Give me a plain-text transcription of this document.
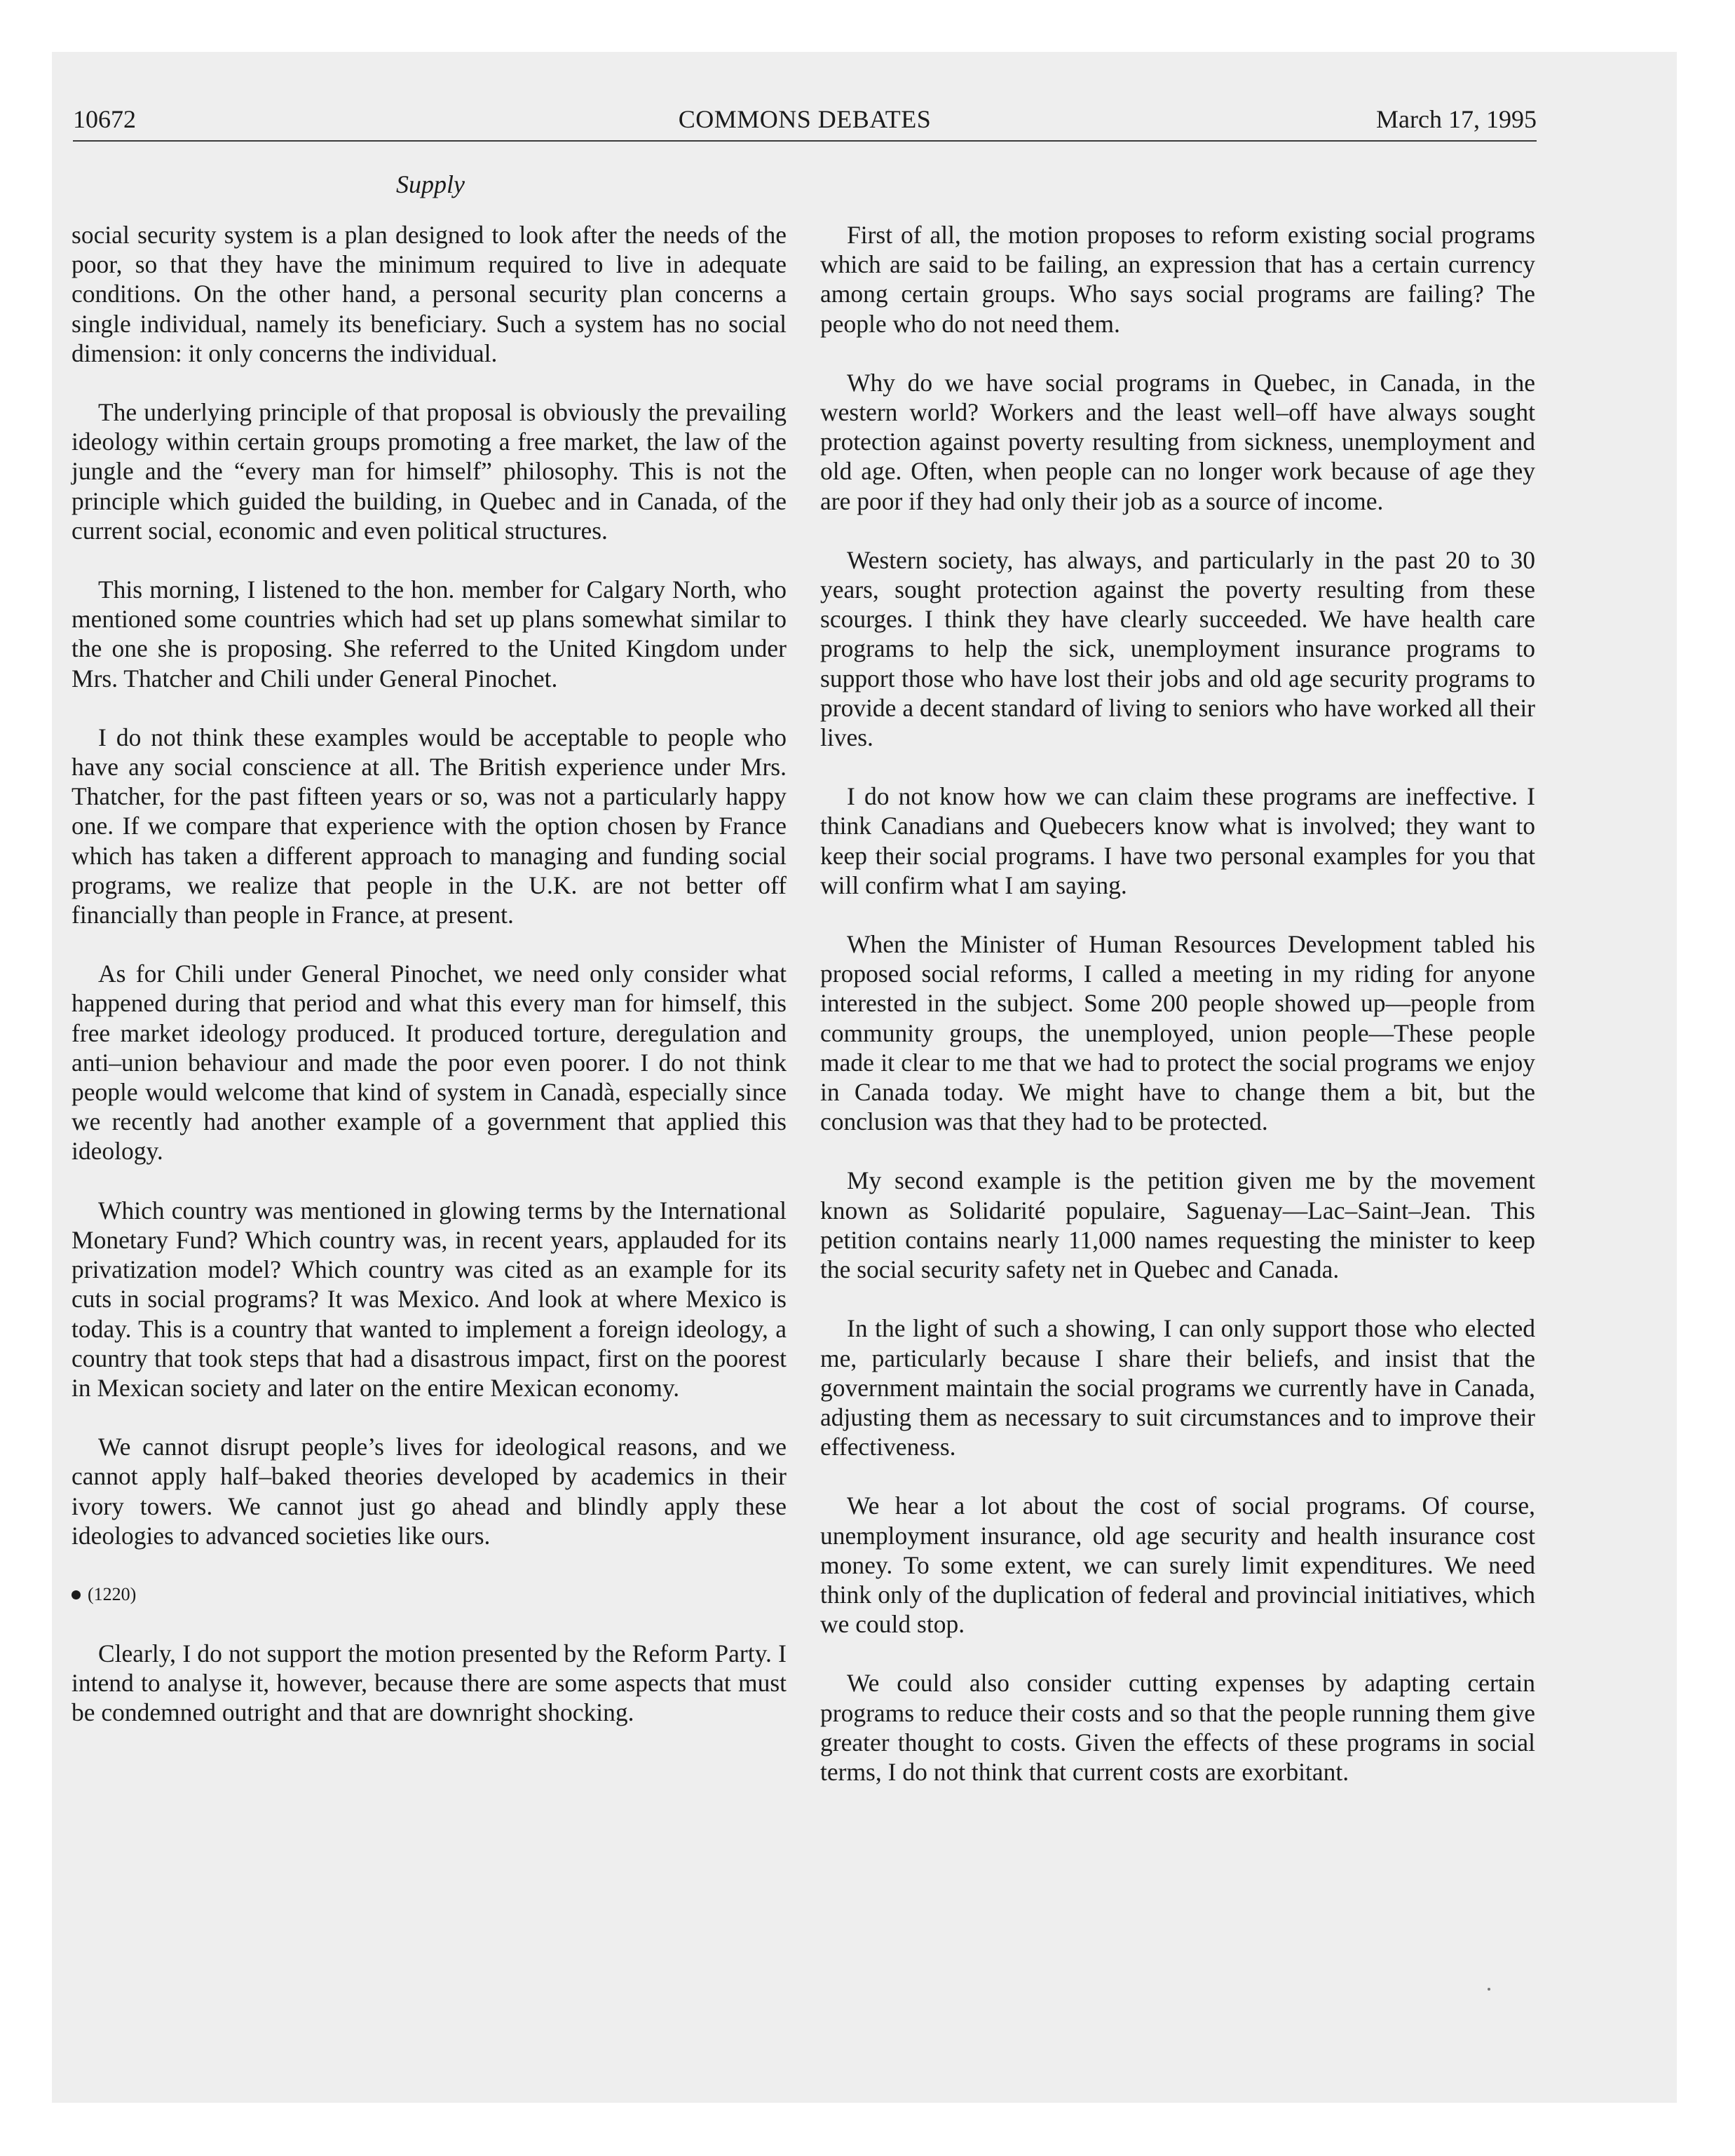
10672	COMMONS DEBATES	March 17, 1995
Supply

social security system is a plan designed to look after the needs of the poor, so that they have the minimum required to live in adequate conditions. On the other hand, a personal security plan concerns a single individual, namely its beneficiary. Such a system has no social dimension: it only concerns the individual.

The underlying principle of that proposal is obviously the prevailing ideology within certain groups promoting a free market, the law of the jungle and the “every man for himself” philosophy. This is not the principle which guided the building, in Quebec and in Canada, of the current social, economic and even political structures.

This morning, I listened to the hon. member for Calgary North, who mentioned some countries which had set up plans somewhat similar to the one she is proposing. She referred to the United Kingdom under Mrs. Thatcher and Chili under General Pinochet.

I do not think these examples would be acceptable to people who have any social conscience at all. The British experience under Mrs. Thatcher, for the past fifteen years or so, was not a particularly happy one. If we compare that experience with the option chosen by France which has taken a different approach to managing and funding social programs, we realize that people in the U.K. are not better off financially than people in France, at present.

As for Chili under General Pinochet, we need only consider what happened during that period and what this every man for himself, this free market ideology produced. It produced torture, deregulation and anti–union behaviour and made the poor even poorer. I do not think people would welcome that kind of system in Canadà, especially since we recently had another example of a government that applied this ideology.

Which country was mentioned in glowing terms by the International Monetary Fund? Which country was, in recent years, applauded for its privatization model? Which country was cited as an example for its cuts in social programs? It was Mexico. And look at where Mexico is today. This is a country that wanted to implement a foreign ideology, a country that took steps that had a disastrous impact, first on the poorest in Mexican society and later on the entire Mexican economy.

We cannot disrupt people’s lives for ideological reasons, and we cannot apply half–baked theories developed by academics in their ivory towers. We cannot just go ahead and blindly apply these ideologies to advanced societies like ours.

(1220)

Clearly, I do not support the motion presented by the Reform Party. I intend to analyse it, however, because there are some aspects that must be condemned outright and that are downright shocking.

First of all, the motion proposes to reform existing social programs which are said to be failing, an expression that has a certain currency among certain groups. Who says social programs are failing? The people who do not need them.

Why do we have social programs in Quebec, in Canada, in the western world? Workers and the least well–off have always sought protection against poverty resulting from sickness, unemployment and old age. Often, when people can no longer work because of age they are poor if they had only their job as a source of income.

Western society, has always, and particularly in the past 20 to 30 years, sought protection against the poverty resulting from these scourges. I think they have clearly succeeded. We have health care programs to help the sick, unemployment insurance programs to support those who have lost their jobs and old age security programs to provide a decent standard of living to seniors who have worked all their lives.

I do not know how we can claim these programs are ineffective. I think Canadians and Quebecers know what is involved; they want to keep their social programs. I have two personal examples for you that will confirm what I am saying.

When the Minister of Human Resources Development tabled his proposed social reforms, I called a meeting in my riding for anyone interested in the subject. Some 200 people showed up—people from community groups, the unemployed, union people—These people made it clear to me that we had to protect the social programs we enjoy in Canada today. We might have to change them a bit, but the conclusion was that they had to be protected.

My second example is the petition given me by the movement known as Solidarité populaire, Saguenay—Lac–Saint–Jean. This petition contains nearly 11,000 names requesting the minister to keep the social security safety net in Quebec and Canada.

In the light of such a showing, I can only support those who elected me, particularly because I share their beliefs, and insist that the government maintain the social programs we currently have in Canada, adjusting them as necessary to suit circumstances and to improve their effectiveness.

We hear a lot about the cost of social programs. Of course, unemployment insurance, old age security and health insurance cost money. To some extent, we can surely limit expenditures. We need think only of the duplication of federal and provincial initiatives, which we could stop.

We could also consider cutting expenses by adapting certain programs to reduce their costs and so that the people running them give greater thought to costs. Given the effects of these programs in social terms, I do not think that current costs are exorbitant.
